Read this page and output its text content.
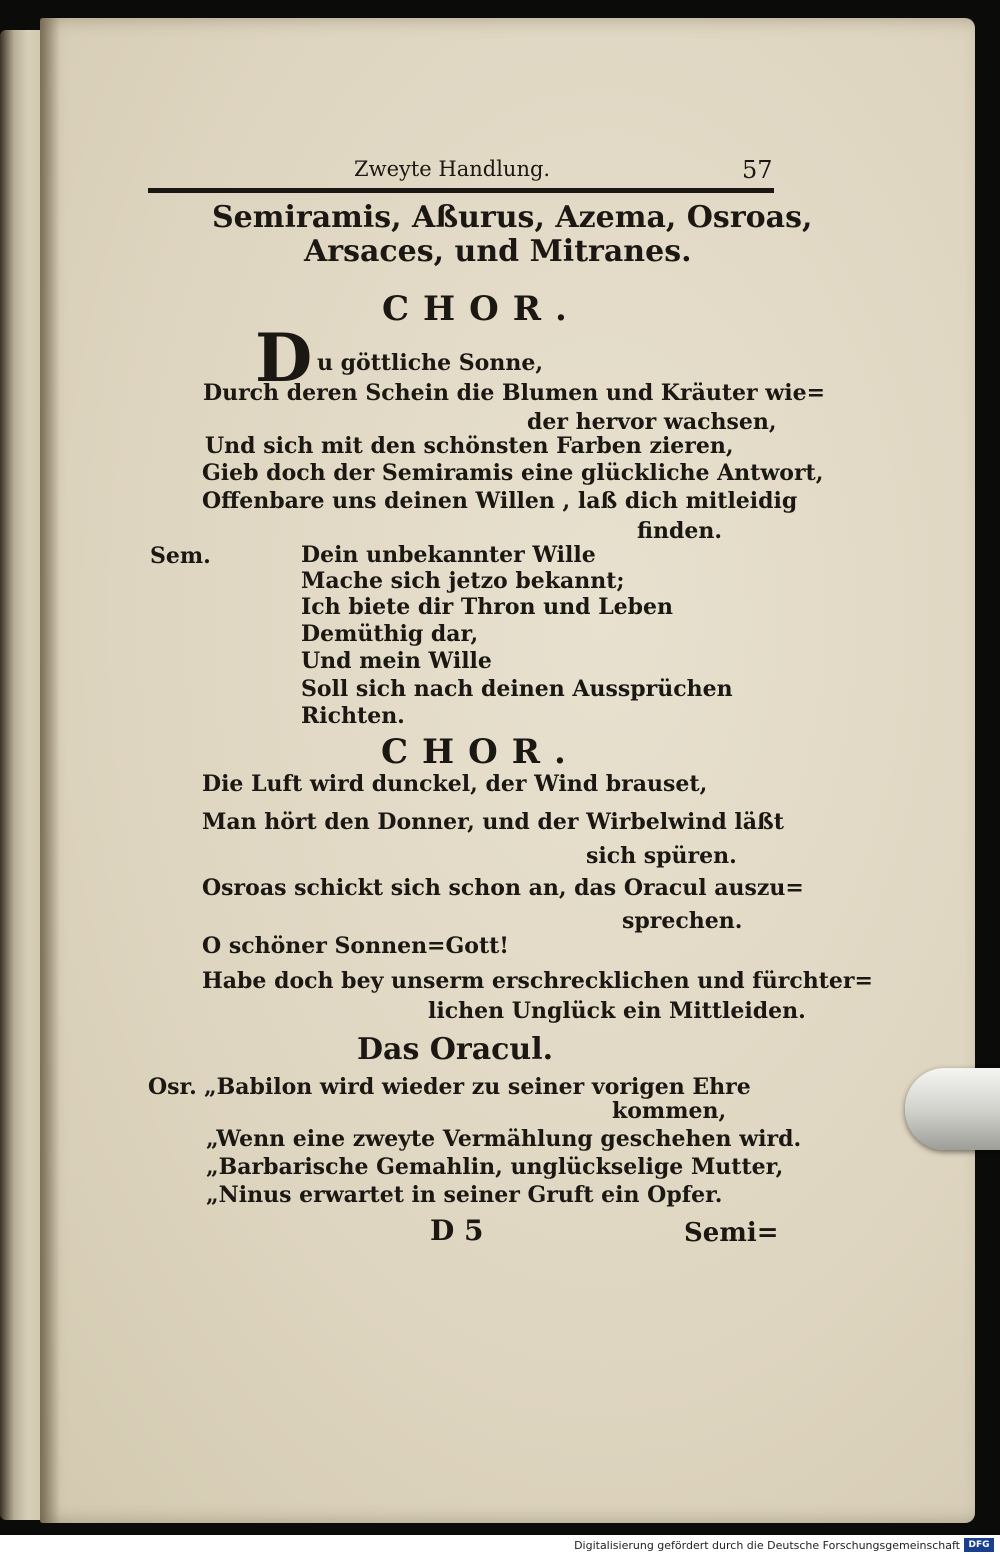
Zweyte Handlung.	57
Semiramis, Aßurus, Azema, Osroas,
Arsaces, und Mitranes.
CHOR.
D u göttliche Sonne,
Durch deren Schein die Blumen und Kräuter wie=
der hervor wachsen,
Und sich mit den schönsten Farben zieren,
Gieb doch der Semiramis eine glückliche Antwort,
Offenbare uns deinen Willen , laß dich mitleidig
finden.
Sem.	Dein unbekannter Wille
Mache sich jetzo bekannt;
Ich biete dir Thron und Leben
Demüthig dar,
Und mein Wille
Soll sich nach deinen Aussprüchen
Richten.
CHOR.
Die Luft wird dunckel, der Wind brauset,
Man hört den Donner, und der Wirbelwind läßt
sich spüren.
Osroas schickt sich schon an, das Oracul auszu=
sprechen.
O schöner Sonnen=Gott!
Habe doch bey unserm erschrecklichen und fürchter=
lichen Unglück ein Mittleiden.
Das Oracul.
Osr. „Babilon wird wieder zu seiner vorigen Ehre
kommen,
„Wenn eine zweyte Vermählung geschehen wird.
„Barbarische Gemahlin, unglückselige Mutter,
„Ninus erwartet in seiner Gruft ein Opfer.
D 5	Semi=
Digitalisierung gefördert durch die Deutsche Forschungsgemeinschaft DFG
